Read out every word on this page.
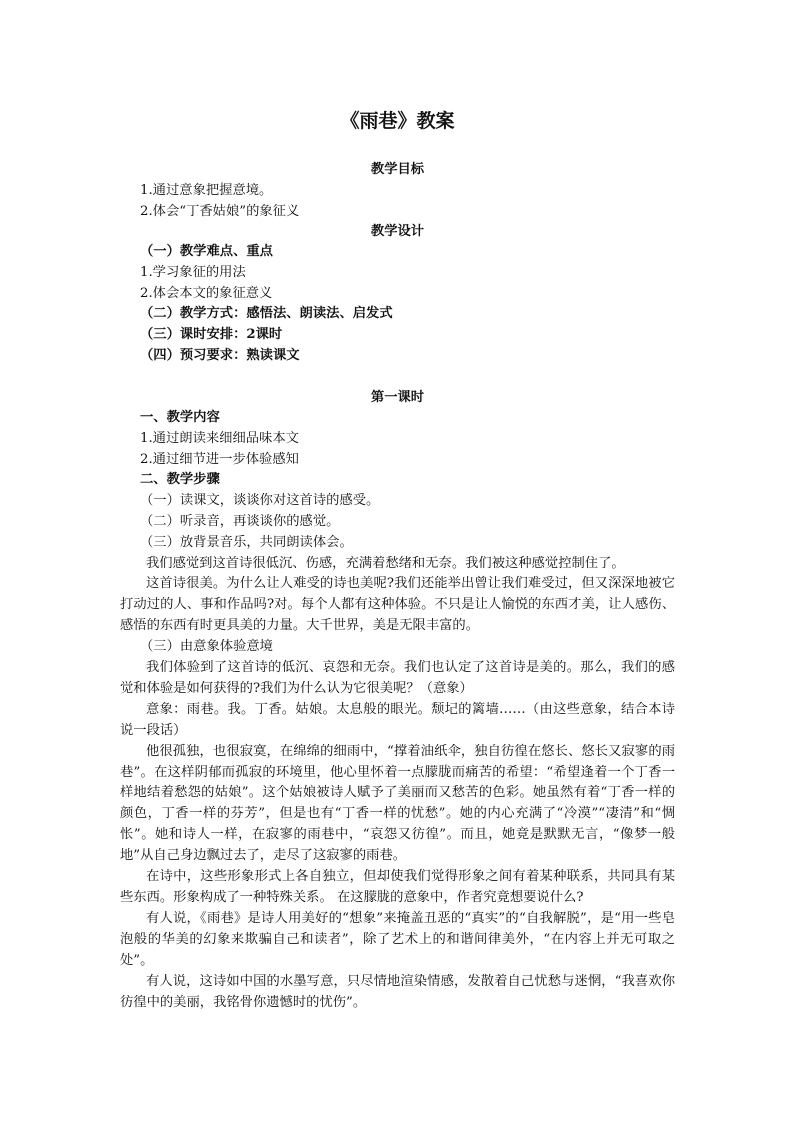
《雨巷》教案

教学目标

1.通过意象把握意境。

2.体会“丁香姑娘”的象征义

教学设计

（一）教学难点、重点

1.学习象征的用法

2.体会本文的象征意义

（二）教学方式：感悟法、朗读法、启发式

（三）课时安排：2课时

（四）预习要求：熟读课文

第一课时

一、教学内容

1.通过朗读来细细品味本文

2.通过细节进一步体验感知

二、教学步骤

（一）读课文，谈谈你对这首诗的感受。

（二）听录音，再谈谈你的感觉。

（三）放背景音乐，共同朗读体会。

我们感觉到这首诗很低沉、伤感，充满着愁绪和无奈。我们被这种感觉控制住了。

这首诗很美。为什么让人难受的诗也美呢?我们还能举出曾让我们难受过，但又深深地被它打动过的人、事和作品吗?对。每个人都有这种体验。不只是让人愉悦的东西才美，让人感伤、感悟的东西有时更具美的力量。大千世界，美是无限丰富的。

（三）由意象体验意境

我们体验到了这首诗的低沉、哀怨和无奈。我们也认定了这首诗是美的。那么，我们的感觉和体验是如何获得的?我们为什么认为它很美呢？（意象）

意象：雨巷。我。丁香。姑娘。太息般的眼光。颓圮的篱墙……（由这些意象，结合本诗说一段话）

他很孤独，也很寂寞，在绵绵的细雨中，“撑着油纸伞，独自彷徨在悠长、悠长又寂寥的雨巷”。在这样阴郁而孤寂的环境里，他心里怀着一点朦胧而痛苦的希望：“希望逢着一个丁香一样地结着愁怨的姑娘”。这个姑娘被诗人赋予了美丽而又愁苦的色彩。她虽然有着“丁香一样的颜色，丁香一样的芬芳”，但是也有“丁香一样的忧愁”。她的内心充满了“冷漠”“凄清”和“惆怅”。她和诗人一样，在寂寥的雨巷中，“哀怨又彷徨”。而且，她竟是默默无言，“像梦一般地”从自己身边飘过去了，走尽了这寂寥的雨巷。

在诗中，这些形象形式上各自独立，但却使我们觉得形象之间有着某种联系，共同具有某些东西。形象构成了一种特殊关系。 在这朦胧的意象中，作者究竟想要说什么?

有人说，《雨巷》是诗人用美好的“想象”来掩盖丑恶的“真实”的“自我解脱”，是“用一些皂泡般的华美的幻象来欺骗自己和读者”，除了艺术上的和谐间律美外，“在内容上并无可取之处”。

有人说，这诗如中国的水墨写意，只尽情地渲染情感，发散着自己忧愁与迷惘，“我喜欢你彷徨中的美丽，我铭骨你遗憾时的忧伤”。
